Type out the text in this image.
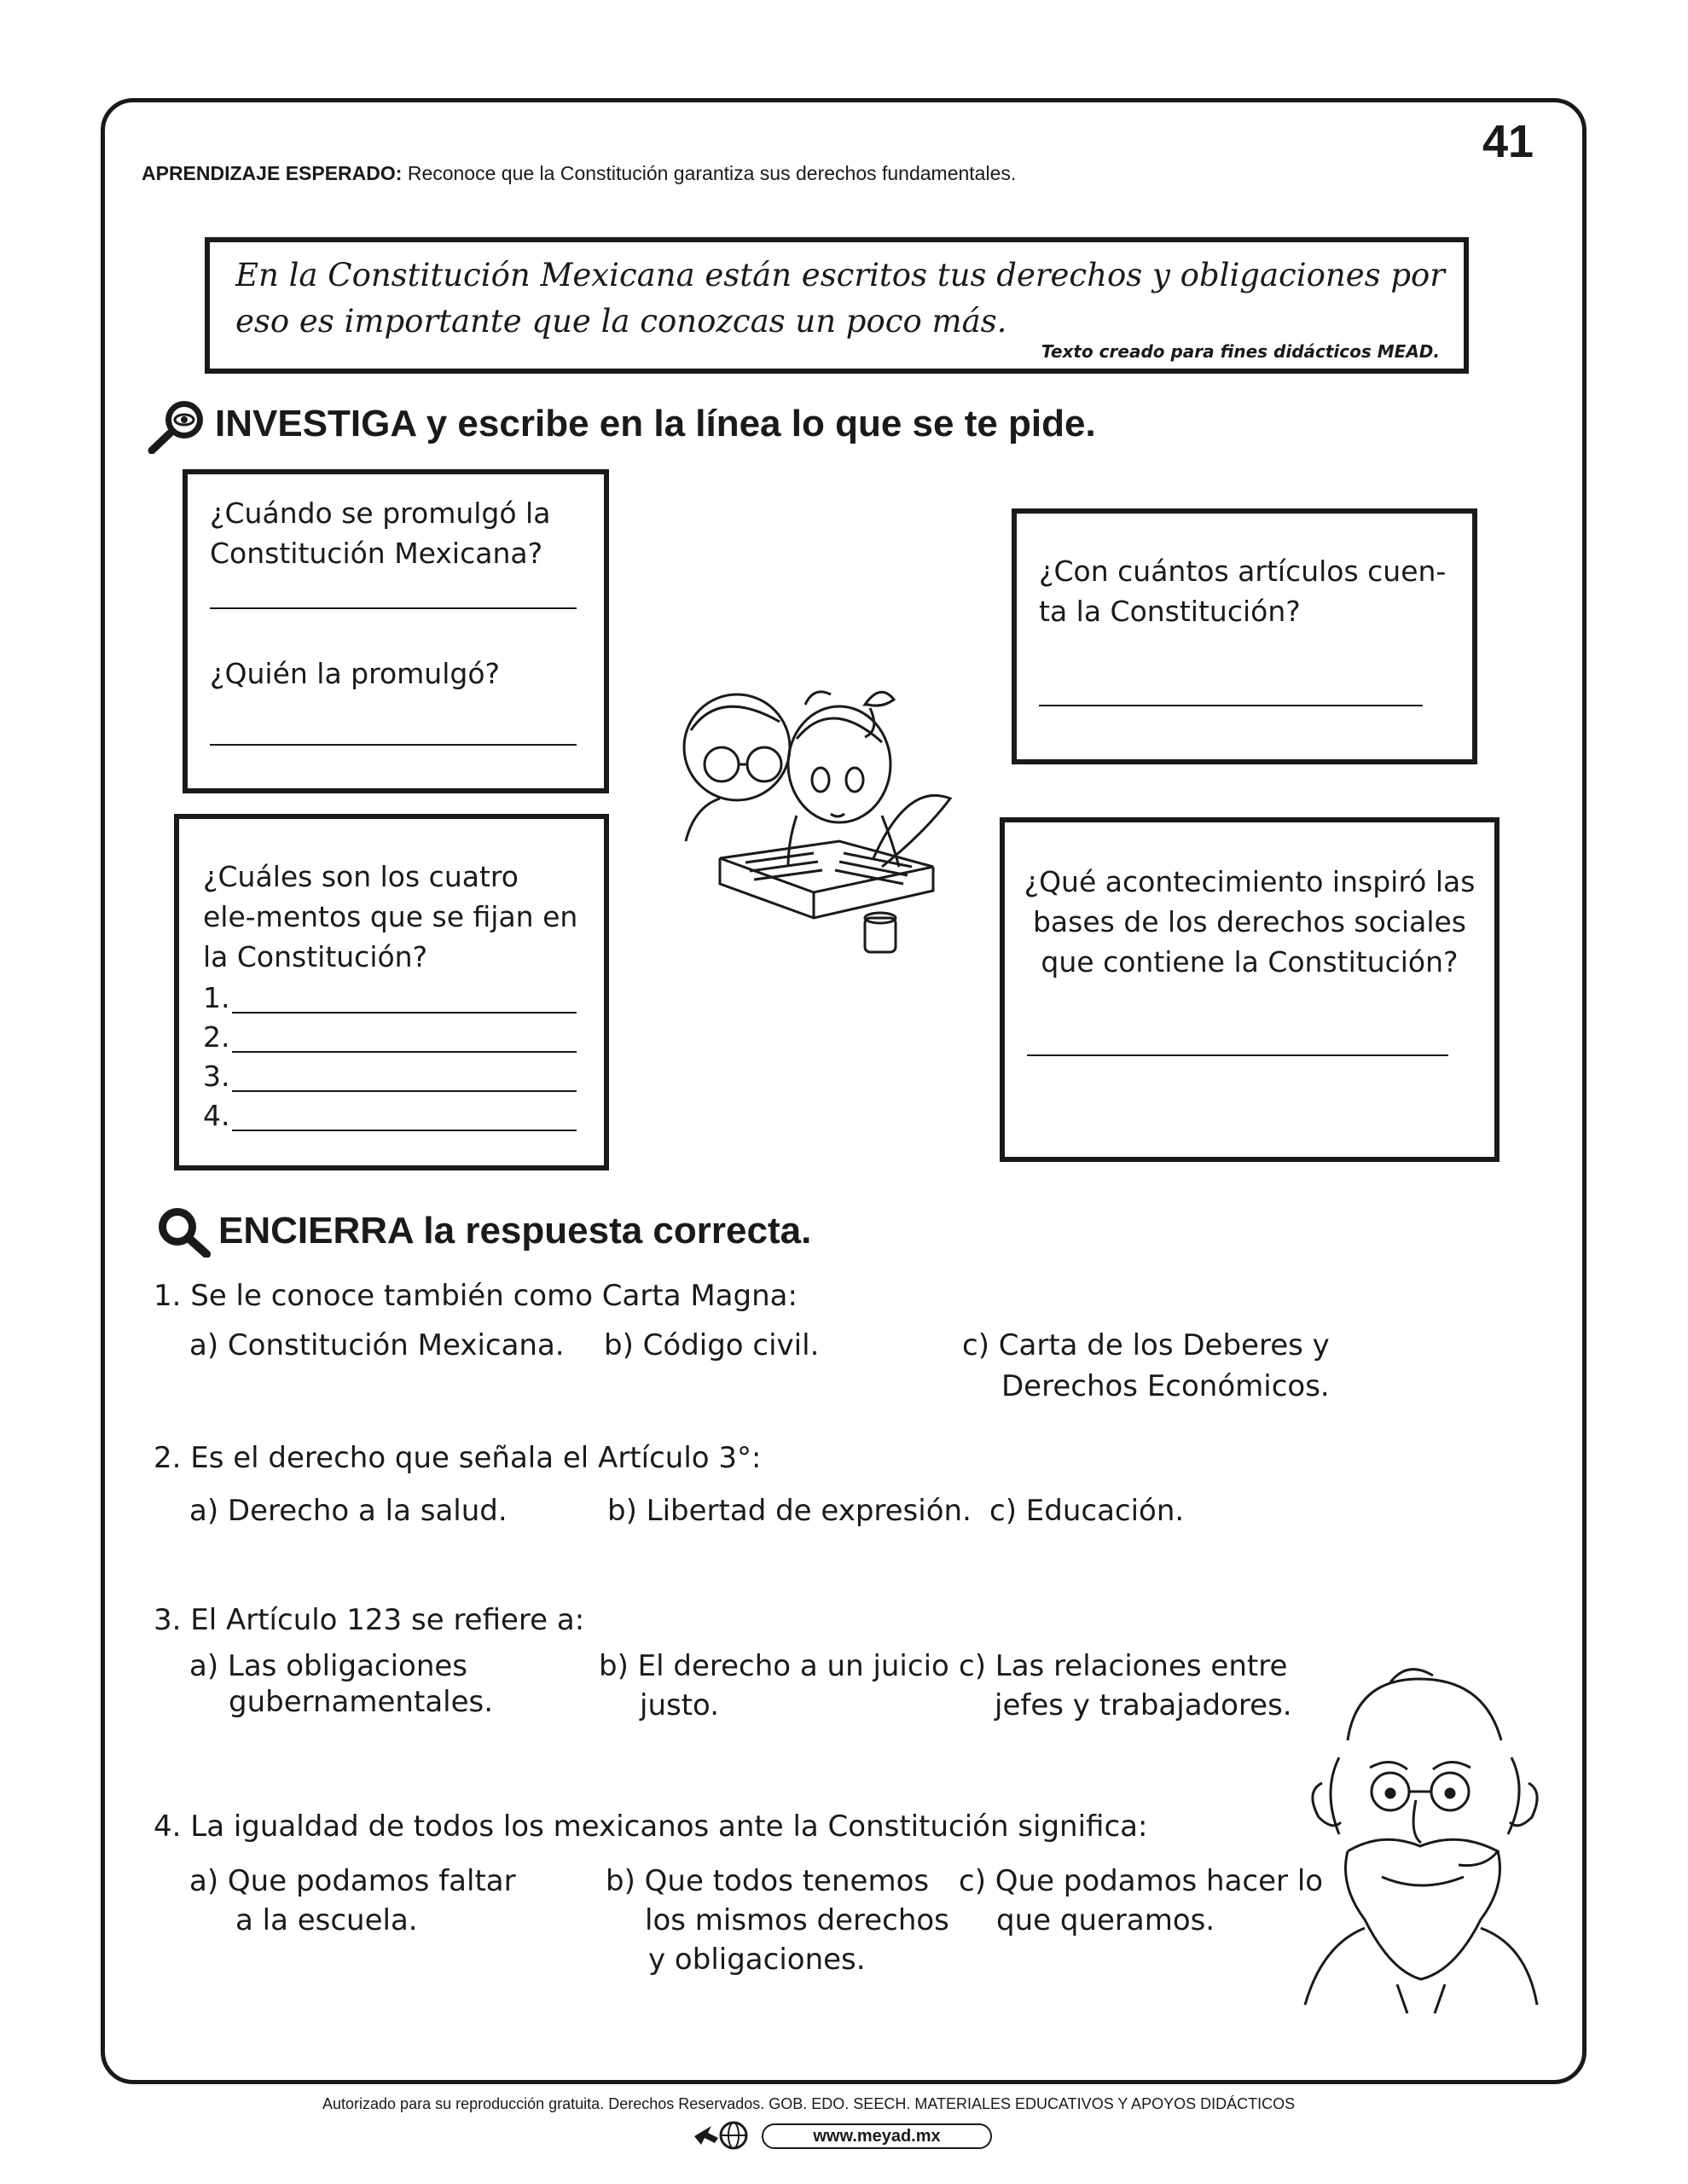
41
APRENDIZAJE ESPERADO: Reconoce que la Constitución garantiza sus derechos fundamentales.
En la Constitución Mexicana están escritos tus derechos y obligaciones por eso es importante que la conozcas un poco más.
Texto creado para fines didácticos MEAD.
INVESTIGA y escribe en la línea lo que se te pide.
¿Cuándo se promulgó la Constitución Mexicana?
¿Quién la promulgó?
¿Con cuántos artículos cuen-ta la Constitución?
¿Cuáles son los cuatro ele-mentos que se fijan en la Constitución?
1.
2.
3.
4.
¿Qué acontecimiento inspiró las bases de los derechos sociales que contiene la Constitución?
ENCIERRA la respuesta correcta.
1. Se le conoce también como Carta Magna:
a) Constitución Mexicana. b) Código civil.	c) Carta de los Deberes y
Derechos Económicos.
2. Es el derecho que señala el Artículo 3°:
a) Derecho a la salud.	b) Libertad de expresión. c) Educación.
3. El Artículo 123 se refiere a:
a) Las obligaciones
gubernamentales.
b) El derecho a un juicio
justo.
c) Las relaciones entre
jefes y trabajadores.
4. La igualdad de todos los mexicanos ante la Constitución significa:
a) Que podamos faltar
a la escuela.
b) Que todos tenemos
los mismos derechos
y obligaciones.
c) Que podamos hacer lo
que queramos.
Autorizado para su reproducción gratuita. Derechos Reservados. GOB. EDO. SEECH. MATERIALES EDUCATIVOS Y APOYOS DIDÁCTICOS
www.meyad.mx
